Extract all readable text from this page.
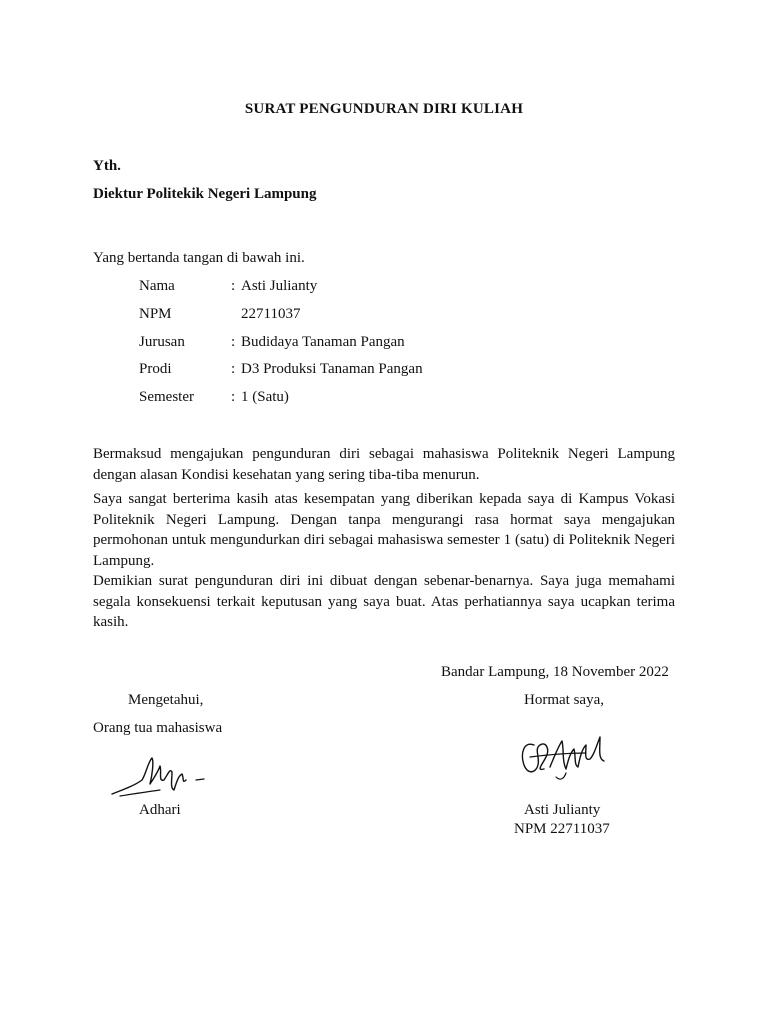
SURAT PENGUNDURAN DIRI KULIAH
Yth.
Diektur Politekik Negeri Lampung
Yang bertanda tangan di bawah ini.
Nama	: Asti Julianty
NPM	22711037
Jurusan	: Budidaya Tanaman Pangan
Prodi	: D3 Produksi Tanaman Pangan
Semester : 1 (Satu)
Bermaksud mengajukan pengunduran diri sebagai mahasiswa Politeknik Negeri Lampung dengan alasan Kondisi kesehatan yang sering tiba-tiba menurun.
Saya sangat berterima kasih atas kesempatan yang diberikan kepada saya di Kampus Vokasi Politeknik Negeri Lampung. Dengan tanpa mengurangi rasa hormat saya mengajukan permohonan untuk mengundurkan diri sebagai mahasiswa semester 1 (satu) di Politeknik Negeri Lampung.
Demikian surat pengunduran diri ini dibuat dengan sebenar-benarnya. Saya juga memahami segala konsekuensi terkait keputusan yang saya buat. Atas perhatiannya saya ucapkan terima kasih.
Bandar Lampung, 18 November 2022
Mengetahui,
Orang tua mahasiswa
Adhari
Hormat saya,
Asti Julianty
NPM 22711037
